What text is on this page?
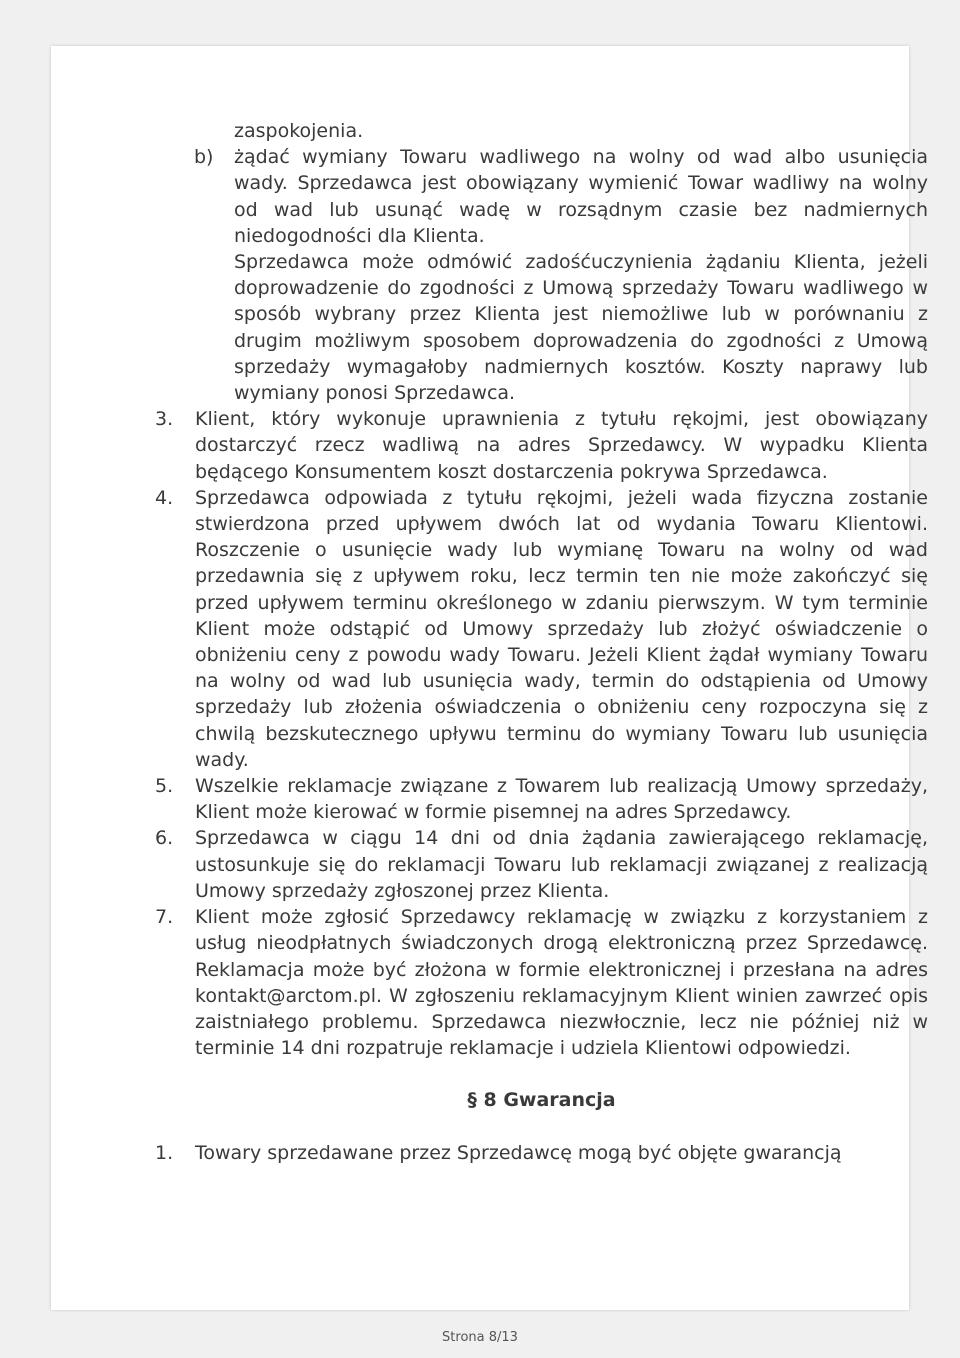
zaspokojenia.
b)	żądać wymiany Towaru wadliwego na wolny od wad albo usunięcia wady. Sprzedawca jest obowiązany wymienić Towar wadliwy na wolny od wad lub usunąć wadę w rozsądnym czasie bez nadmiernych niedogodności dla Klienta.
Sprzedawca może odmówić zadośćuczynienia żądaniu Klienta, jeżeli doprowadzenie do zgodności z Umową sprzedaży Towaru wadliwego w sposób wybrany przez Klienta jest niemożliwe lub w porównaniu z drugim możliwym sposobem doprowadzenia do zgodności z Umową sprzedaży wymagałoby nadmiernych kosztów. Koszty naprawy lub wymiany ponosi Sprzedawca.
3.	Klient, który wykonuje uprawnienia z tytułu rękojmi, jest obowiązany dostarczyć rzecz wadliwą na adres Sprzedawcy. W wypadku Klienta będącego Konsumentem koszt dostarczenia pokrywa Sprzedawca.
4.	Sprzedawca odpowiada z tytułu rękojmi, jeżeli wada fizyczna zostanie stwierdzona przed upływem dwóch lat od wydania Towaru Klientowi. Roszczenie o usunięcie wady lub wymianę Towaru na wolny od wad przedawnia się z upływem roku, lecz termin ten nie może zakończyć się przed upływem terminu określonego w zdaniu pierwszym. W tym terminie Klient może odstąpić od Umowy sprzedaży lub złożyć oświadczenie o obniżeniu ceny z powodu wady Towaru. Jeżeli Klient żądał wymiany Towaru na wolny od wad lub usunięcia wady, termin do odstąpienia od Umowy sprzedaży lub złożenia oświadczenia o obniżeniu ceny rozpoczyna się z chwilą bezskutecznego upływu terminu do wymiany Towaru lub usunięcia wady.
5.	Wszelkie reklamacje związane z Towarem lub realizacją Umowy sprzedaży, Klient może kierować w formie pisemnej na adres Sprzedawcy.
6.	Sprzedawca w ciągu 14 dni od dnia żądania zawierającego reklamację, ustosunkuje się do reklamacji Towaru lub reklamacji związanej z realizacją Umowy sprzedaży zgłoszonej przez Klienta.
7.	Klient może zgłosić Sprzedawcy reklamację w związku z korzystaniem z usług nieodpłatnych świadczonych drogą elektroniczną przez Sprzedawcę. Reklamacja może być złożona w formie elektronicznej i przesłana na adres kontakt@arctom.pl. W zgłoszeniu reklamacyjnym Klient winien zawrzeć opis zaistniałego problemu. Sprzedawca niezwłocznie, lecz nie później niż w terminie 14 dni rozpatruje reklamacje i udziela Klientowi odpowiedzi.
§ 8 Gwarancja
1.	Towary sprzedawane przez Sprzedawcę mogą być objęte gwarancją
Strona 8/13
